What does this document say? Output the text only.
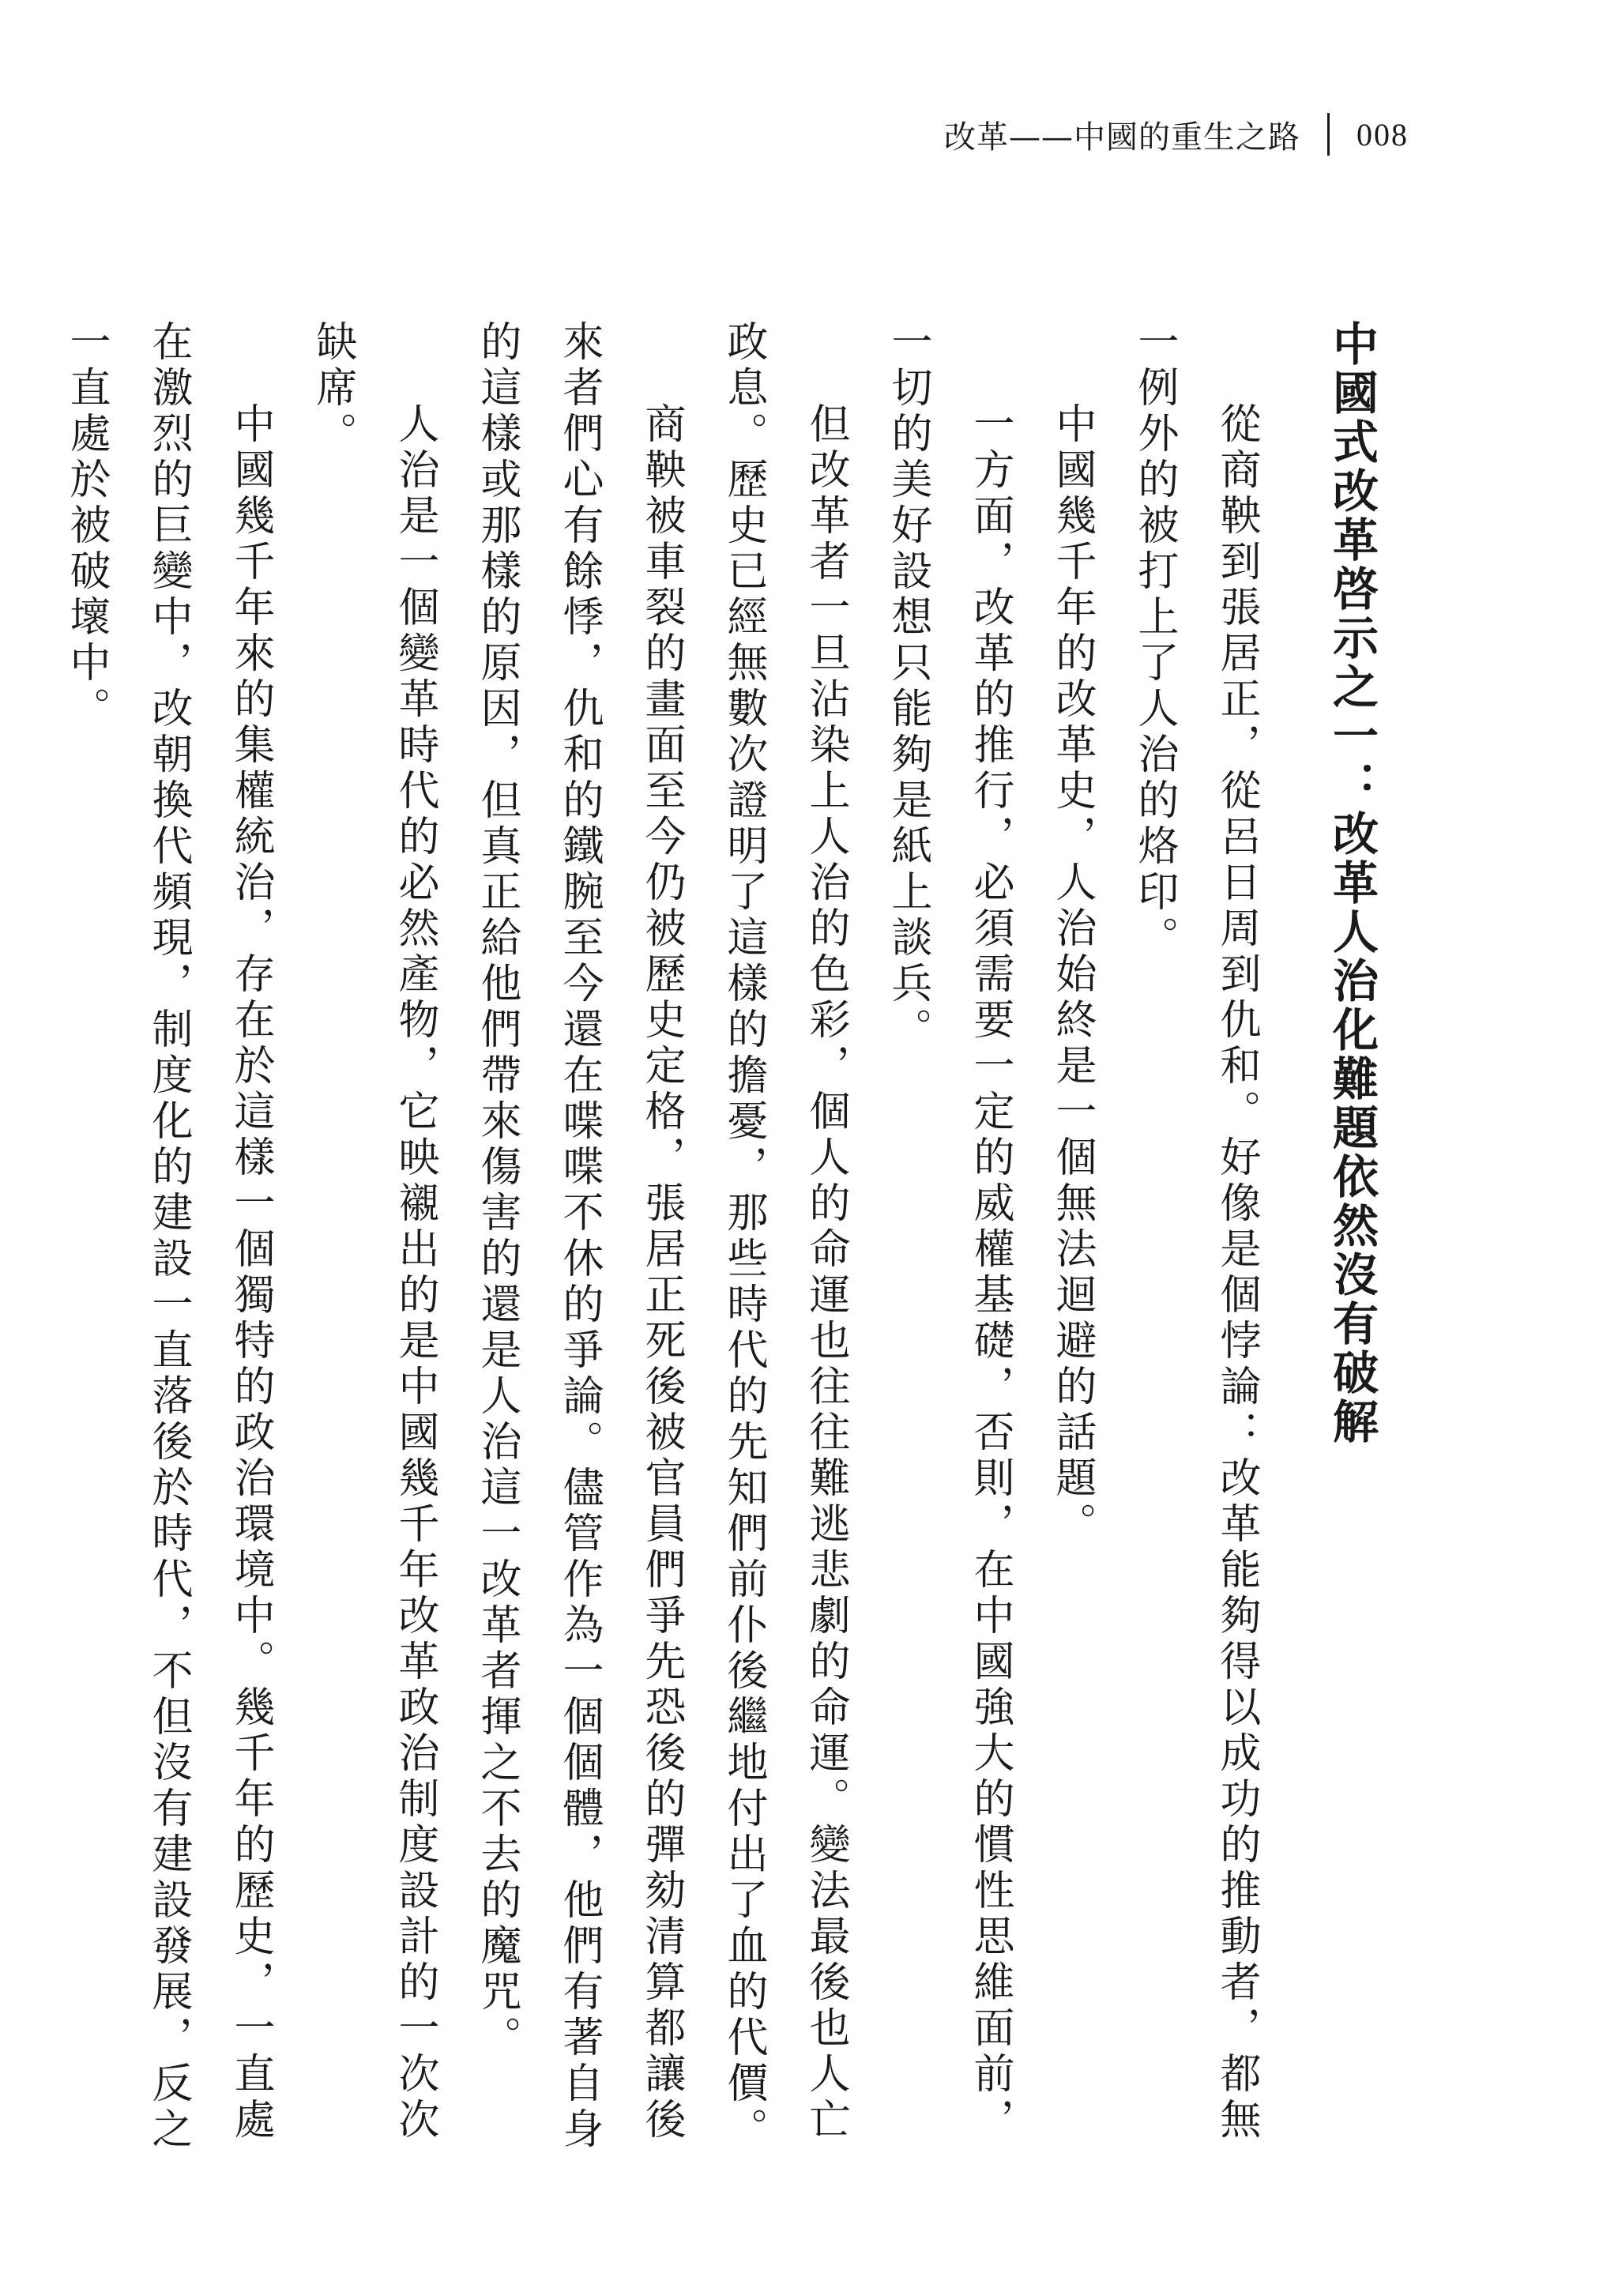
改革——中國的重生之路 008
中國式改革啓示之一：改革人治化難題依然沒有破解

從商鞅到張居正，從呂日周到仇和。好像是個悖論：改革能夠得以成功的推動者，都無一例外的被打上了人治的烙印。

中國幾千年的改革史，人治始終是一個無法迴避的話題。

一方面，改革的推行，必須需要一定的威權基礎，否則，在中國強大的慣性思維面前，一切的美好設想只能夠是紙上談兵。

但改革者一旦沾染上人治的色彩，個人的命運也往往難逃悲劇的命運。變法最後也人亡政息。歷史已經無數次證明了這樣的擔憂，那些時代的先知們前仆後繼地付出了血的代價。

商鞅被車裂的畫面至今仍被歷史定格，張居正死後被官員們爭先恐後的彈劾清算都讓後來者們心有餘悸，仇和的鐵腕至今還在喋喋不休的爭論。儘管作為一個個體，他們有著自身的這樣或那樣的原因，但真正給他們帶來傷害的還是人治這一改革者揮之不去的魔咒。

人治是一個變革時代的必然產物，它映襯出的是中國幾千年改革政治制度設計的一次次缺席。

中國幾千年來的集權統治，存在於這樣一個獨特的政治環境中。幾千年的歷史，一直處在激烈的巨變中，改朝換代頻現，制度化的建設一直落後於時代，不但沒有建設發展，反之一直處於被破壞中。
